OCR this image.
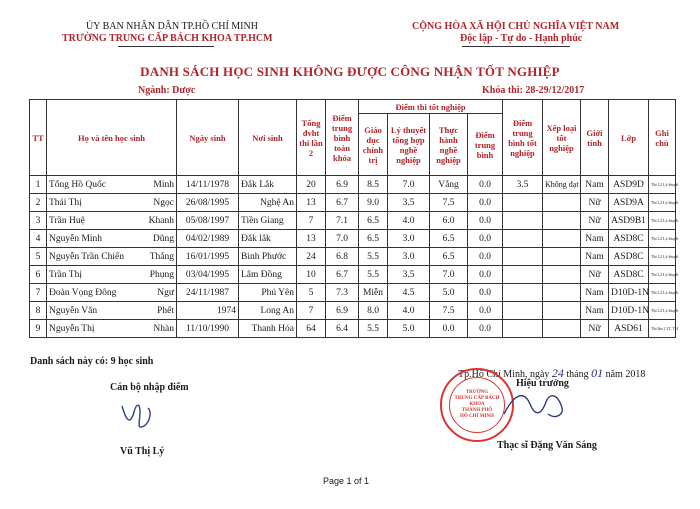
ỦY BAN NHÂN DÂN TP.HỒ CHÍ MINH
TRƯỜNG TRUNG CẤP BÁCH KHOA TP.HCM
CỘNG HÒA XÃ HỘI CHỦ NGHĨA VIỆT NAM
Độc lập - Tự do - Hạnh phúc
DANH SÁCH HỌC SINH KHÔNG ĐƯỢC CÔNG NHẬN TỐT NGHIỆP
Ngành: Dược	Khóa thi: 28-29/12/2017
TT	Họ và tên học sinh	Ngày sinh	Nơi sinh	Tổng đvht thi lần 2	Điểm trung bình toàn khóa	Điểm thi tốt nghiệp				Điểm trung bình tốt nghiệp	Xếp loại tốt nghiệp	Giới tính	Lớp	Ghi chú
						Giáo dục chính trị	Lý thuyết tổng hợp nghề nghiệp	Thực hành nghề nghiệp	Điểm trung bình					
1	Tống Hồ Quốc Minh	14/11/1978	Đắk Lắk	20	6.9	8.5	7.0	Vắng	0.0	3.5	Không đạt	Nam	ASD9D	Thi L2 Lý thuyết
2	Thái Thị Ngọc	26/08/1995	Nghệ An	13	6.7	9.0	3.5	7.5	0.0			Nữ	ASD9A	Thi L2 Lý thuyết
3	Trần Huệ Khanh	05/08/1997	Tiền Giang	7	7.1	6.5	4.0	6.0	0.0			Nữ	ASD9B1	Thi L2 Lý thuyết
4	Nguyễn Minh Dũng	04/02/1989	Đắk lắk	13	7.0	6.5	3.0	6.5	0.0			Nam	ASD8C	Thi L2 Lý thuyết
5	Nguyễn Trần Chiến Thắng	16/01/1995	Bình Phước	24	6.8	5.5	3.0	6.5	0.0			Nam	ASD8C	Thi L2 Lý thuyết
6	Trần Thị Phụng	03/04/1995	Lâm Đồng	10	6.7	5.5	3.5	7.0	0.0			Nữ	ASD8C	Thi L2 Lý thuyết
7	Đoàn Vọng Đông Ngư	24/11/1987	Phú Yên	5	7.3	Miễn	4.5	5.0	0.0			Nam	D10D-1N	Thi L2 Lý thuyết
8	Nguyễn Văn Phết	1974	Long An	7	6.9	8.0	4.0	7.5	0.0			Nam	D10D-1N	Thi L2 Lý thuyết
9	Nguyễn Thị Nhàn	11/10/1990	Thanh Hóa	64	6.4	5.5	5.0	0.0	0.0			Nữ	ASD61	Thi lần 2 LT, TH
Danh sách này có: 9 học sinh
Cán bộ nhập điểm
Vũ Thị Lý
Tp.Hồ Chí Minh, ngày 24 tháng 01 năm 2018
Hiệu trưởng
TRƯỜNG
TRUNG CẤP BÁCH KHOA
THÀNH PHỐ
HỒ CHÍ MINH
Thạc sĩ Đặng Văn Sáng
Page 1 of 1
